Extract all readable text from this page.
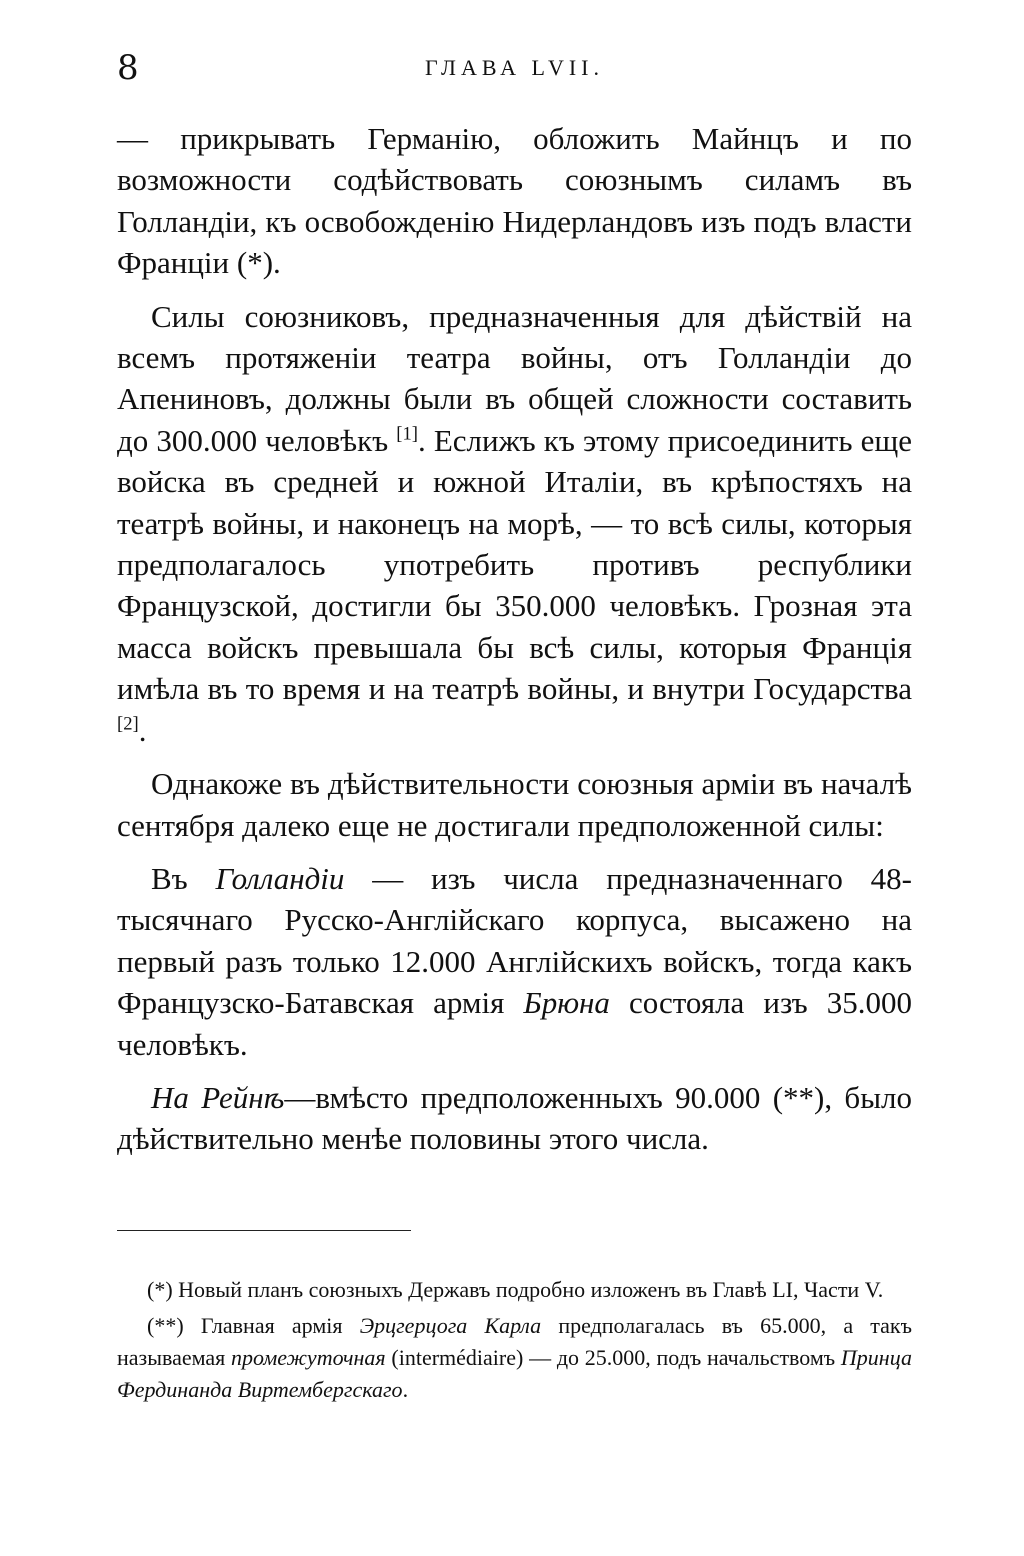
8	ГЛАВА LVII.

— прикрывать Германію, обложить Майнцъ и по возможности содѣйствовать союзнымъ силамъ въ Голландіи, къ освобожденію Нидерландовъ изъ подъ власти Франціи (*).

Силы союзниковъ, предназначенныя для дѣйствій на всемъ протяженіи театра войны, отъ Голландіи до Апениновъ, должны были въ общей сложности составить до 300.000 человѣкъ [1]. Еслижъ къ этому присоединить еще войска въ средней и южной Италіи, въ крѣпостяхъ на театрѣ войны, и наконецъ на морѣ, — то всѣ силы, которыя предполагалось употребить противъ республики Французской, достигли бы 350.000 человѣкъ. Грозная эта масса войскъ превышала бы всѣ силы, которыя Франція имѣла въ то время и на театрѣ войны, и внутри Государства [2].

Однакоже въ дѣйствительности союзныя арміи въ началѣ сентября далеко еще не достигали предположенной силы:

Въ Голландіи — изъ числа предназначеннаго 48-тысячнаго Русско-Англійскаго корпуса, высажено на первый разъ только 12.000 Англійскихъ войскъ, тогда какъ Французско-Батавская армія Брюна состояла изъ 35.000 человѣкъ.

На Рейнѣ—вмѣсто предположенныхъ 90.000 (**), было дѣйствительно менѣе половины этого числа.

(*) Новый планъ союзныхъ Державъ подробно изложенъ въ Главѣ LI, Части V.

(**) Главная армія Эрцгерцога Карла предполагалась въ 65.000, а такъ называемая промежуточная (intermédiaire) — до 25.000, подъ начальствомъ Принца Фердинанда Виртембергскаго.
